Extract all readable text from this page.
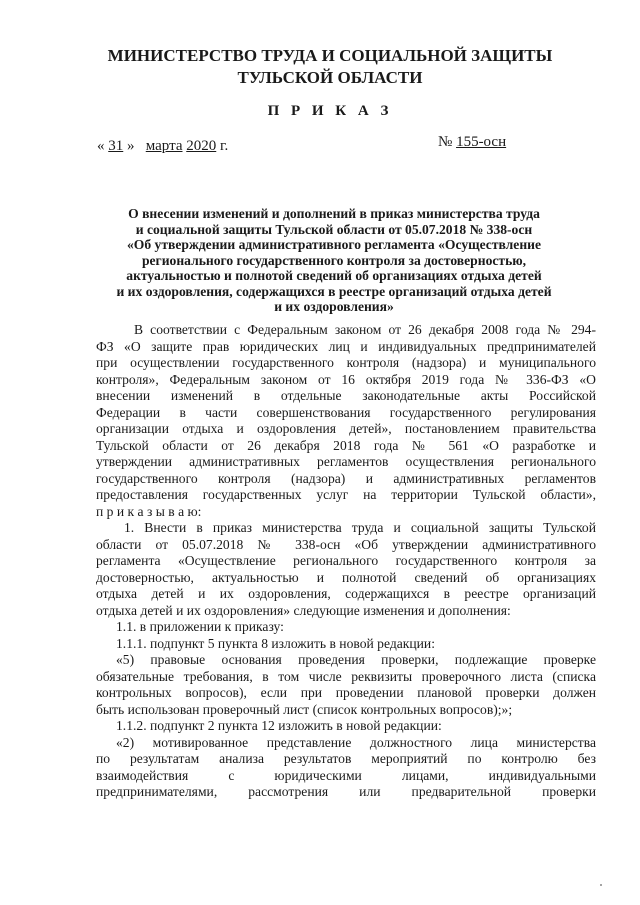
МИНИСТЕРСТВО ТРУДА И СОЦИАЛЬНОЙ ЗАЩИТЫ
ТУЛЬСКОЙ ОБЛАСТИ
П Р И К А З
« 31 » марта 2020 г.	№ 155-осн
О внесении изменений и дополнений в приказ министерства труда
и социальной защиты Тульской области от 05.07.2018 № 338-осн
«Об утверждении административного регламента «Осуществление
регионального государственного контроля за достоверностью,
актуальностью и полнотой сведений об организациях отдыха детей
и их оздоровления, содержащихся в реестре организаций отдыха детей
и их оздоровления»
В соответствии с Федеральным законом от 26 декабря 2008 года № 294-
ФЗ «О защите прав юридических лиц и индивидуальных предпринимателей
при осуществлении государственного контроля (надзора) и муниципального
контроля», Федеральным законом от 16 октября 2019 года № 336-ФЗ «О
внесении изменений в отдельные законодательные акты Российской
Федерации в части совершенствования государственного регулирования
организации отдыха и оздоровления детей», постановлением правительства
Тульской области от 26 декабря 2018 года № 561 «О разработке и
утверждении административных регламентов осуществления регионального
государственного контроля (надзора) и административных регламентов
предоставления государственных услуг на территории Тульской области»,
п р и к а з ы в а ю:
1. Внести в приказ министерства труда и социальной защиты Тульской
области от 05.07.2018 № 338-осн «Об утверждении административного
регламента «Осуществление регионального государственного контроля за
достоверностью, актуальностью и полнотой сведений об организациях
отдыха детей и их оздоровления, содержащихся в реестре организаций
отдыха детей и их оздоровления» следующие изменения и дополнения:
1.1. в приложении к приказу:
1.1.1. подпункт 5 пункта 8 изложить в новой редакции:
«5) правовые основания проведения проверки, подлежащие проверке
обязательные требования, в том числе реквизиты проверочного листа (списка
контрольных вопросов), если при проведении плановой проверки должен
быть использован проверочный лист (список контрольных вопросов);»;
1.1.2. подпункт 2 пункта 12 изложить в новой редакции:
«2) мотивированное представление должностного лица министерства
по результатам анализа результатов мероприятий по контролю без
взаимодействия с юридическими лицами, индивидуальными
предпринимателями, рассмотрения или предварительной проверки
